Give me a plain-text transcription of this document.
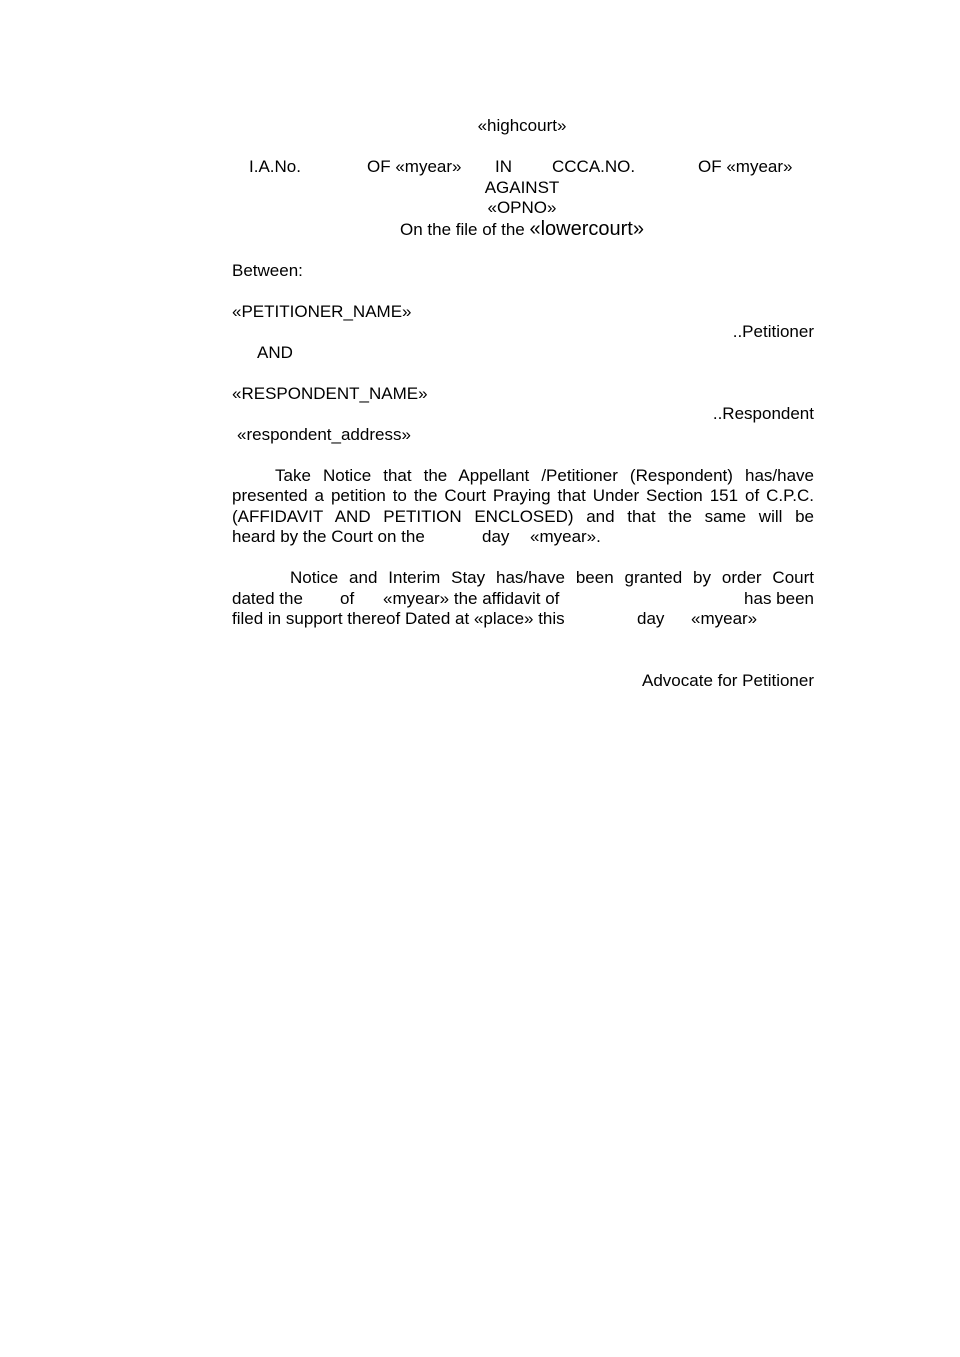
«highcourt»
I.A.No.	OF «myear» IN CCCA.NO.	OF «myear»
AGAINST
«OPNO»
On the file of the «lowercourt»
Between:
«PETITIONER_NAME»
..Petitioner
AND
«RESPONDENT_NAME»
..Respondent
«respondent_address»
Take Notice that the Appellant /Petitioner (Respondent) has/have
presented a petition to the Court Praying that Under Section 151 of C.P.C.
(AFFIDAVIT AND PETITION ENCLOSED) and that the same will be
heard by the Court on the	day «myear».
Notice and Interim Stay has/have been granted by order Court
dated the of «myear» the affidavit of	has been
filed in support thereof Dated at «place» this	day «myear»
Advocate for Petitioner
